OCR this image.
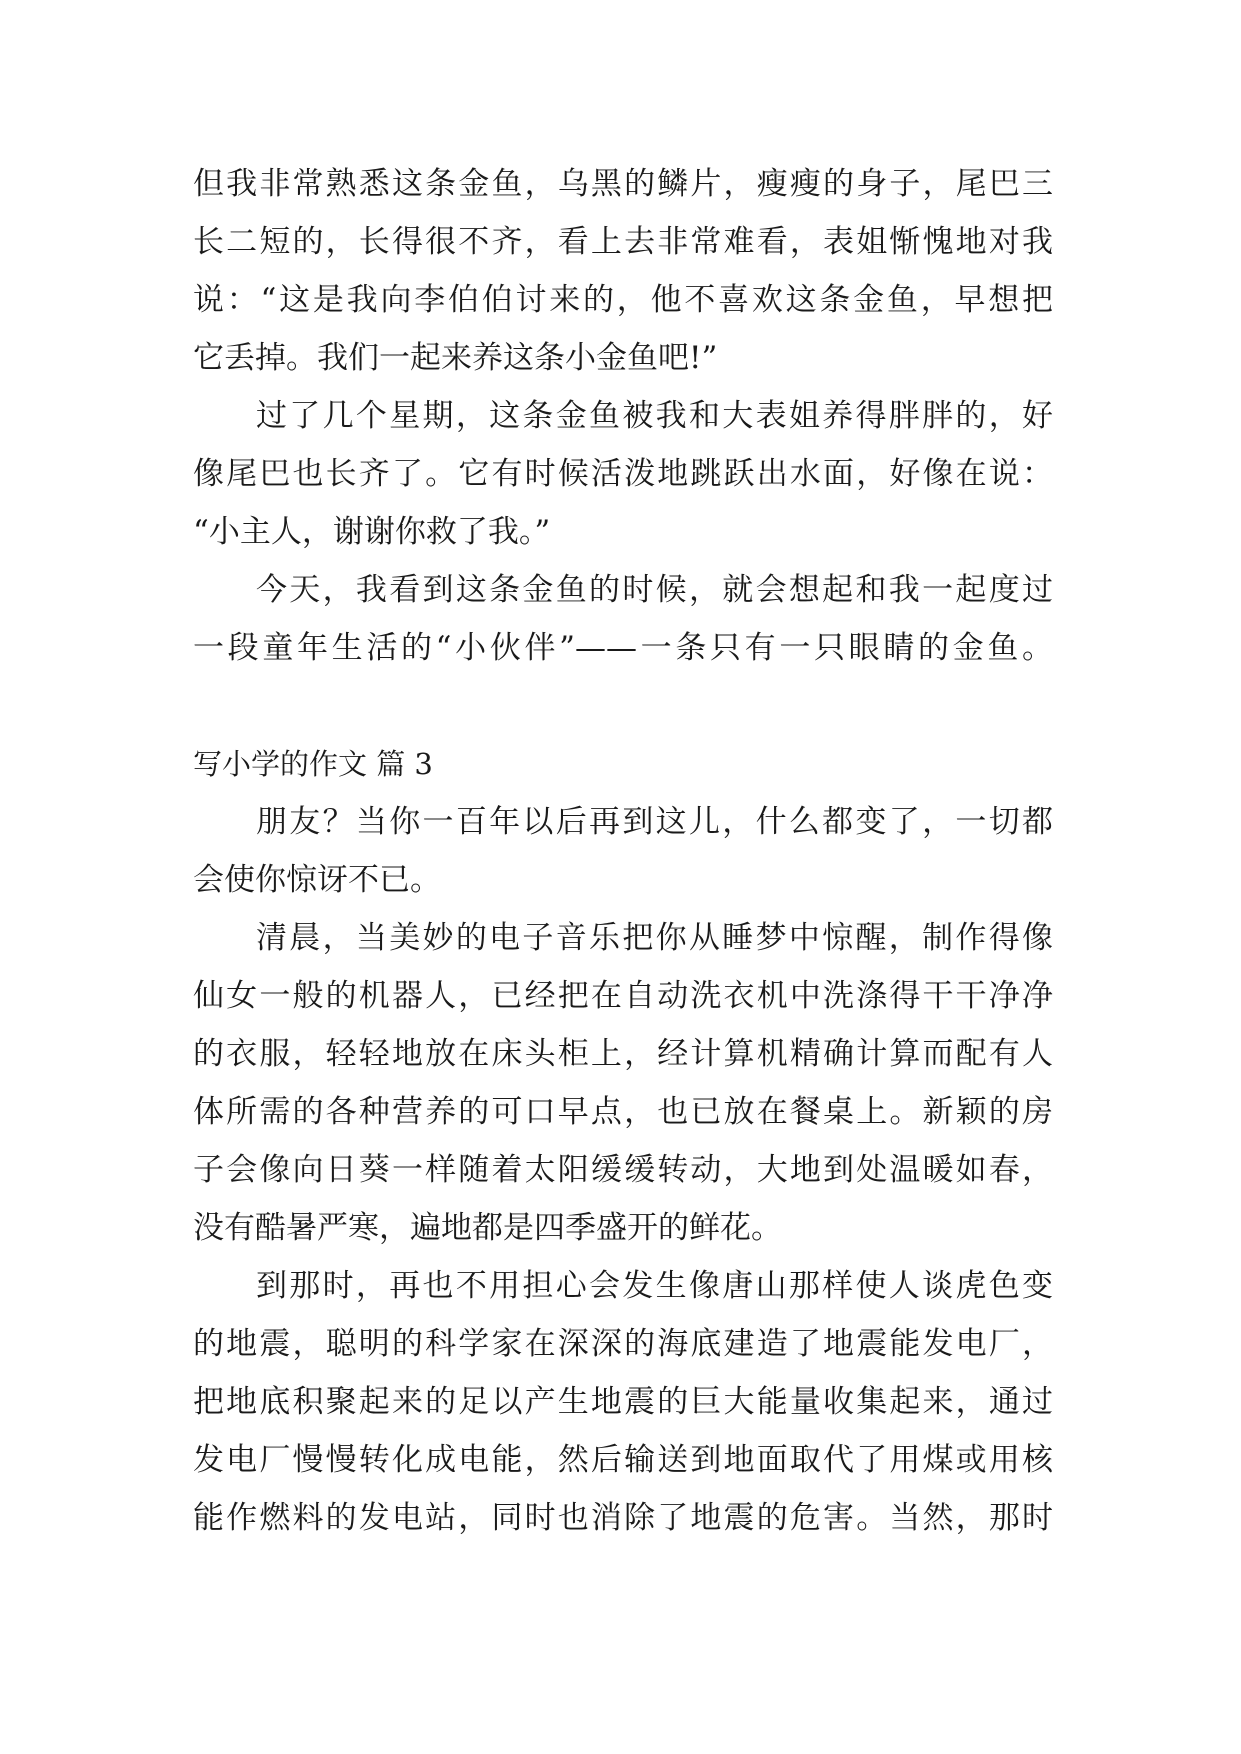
但我非常熟悉这条金鱼，乌黑的鳞片，瘦瘦的身子，尾巴三
长二短的，长得很不齐，看上去非常难看，表姐惭愧地对我
说：“这是我向李伯伯讨来的，他不喜欢这条金鱼，早想把
它丢掉。我们一起来养这条小金鱼吧!”
过了几个星期，这条金鱼被我和大表姐养得胖胖的，好
像尾巴也长齐了。它有时候活泼地跳跃出水面，好像在说：
“小主人，谢谢你救了我。”
今天，我看到这条金鱼的时候，就会想起和我一起度过
一段童年生活的“小伙伴”——一条只有一只眼睛的金鱼。
写小学的作文 篇 3
朋友？当你一百年以后再到这儿，什么都变了，一切都
会使你惊讶不已。
清晨，当美妙的电子音乐把你从睡梦中惊醒，制作得像
仙女一般的机器人，已经把在自动洗衣机中洗涤得干干净净
的衣服，轻轻地放在床头柜上，经计算机精确计算而配有人
体所需的各种营养的可口早点，也已放在餐桌上。新颖的房
子会像向日葵一样随着太阳缓缓转动，大地到处温暖如春，
没有酷暑严寒，遍地都是四季盛开的鲜花。
到那时，再也不用担心会发生像唐山那样使人谈虎色变
的地震，聪明的科学家在深深的海底建造了地震能发电厂，
把地底积聚起来的足以产生地震的巨大能量收集起来，通过
发电厂慢慢转化成电能，然后输送到地面取代了用煤或用核
能作燃料的发电站，同时也消除了地震的危害。当然，那时
